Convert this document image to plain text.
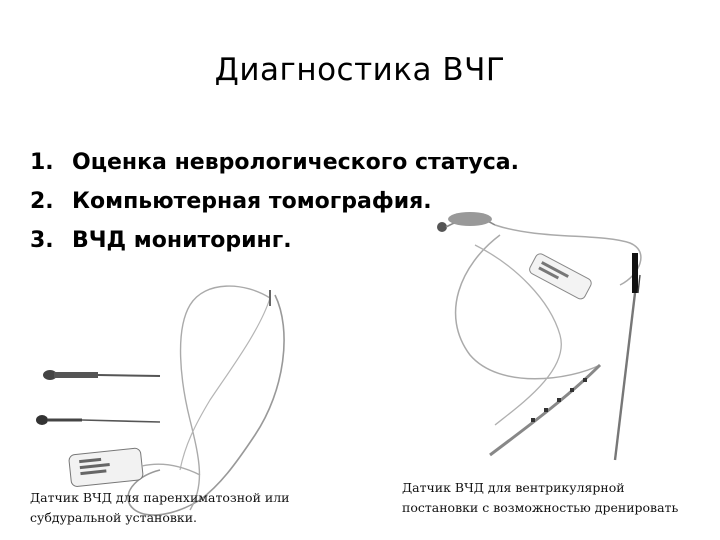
Диагностика ВЧГ
1. Оценка неврологического статуса.
2. Компьютерная томография.
3. ВЧД мониторинг.
Датчик ВЧД для паренхиматозной или
субдуральной установки.
Датчик ВЧД для вентрикулярной
постановки с возможностью дренировать
